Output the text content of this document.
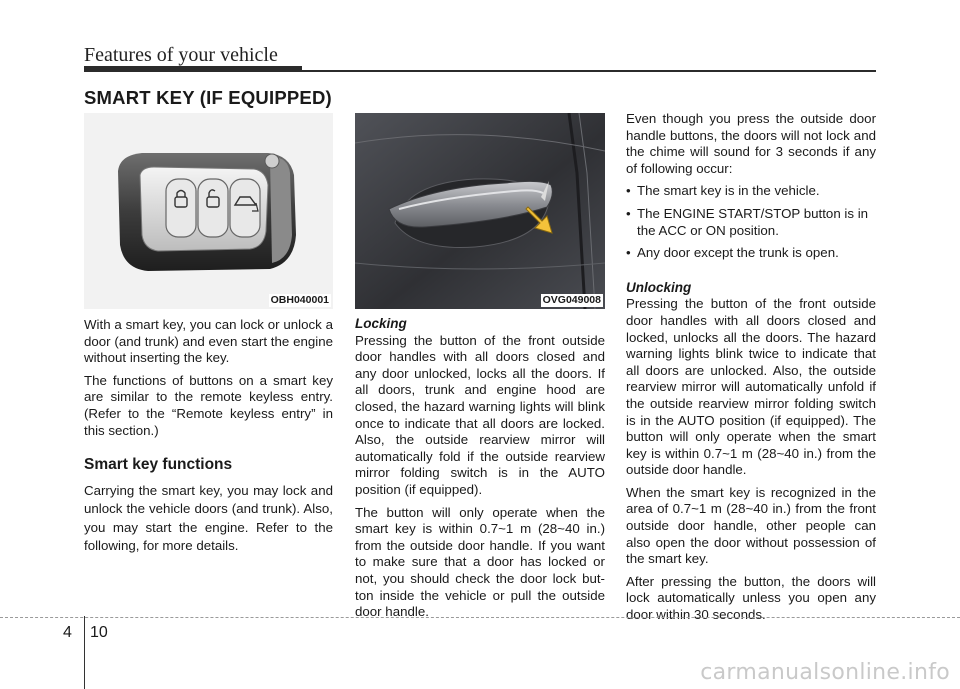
Features of your vehicle
SMART KEY (IF EQUIPPED)
OBH040001	OVG049008

With a smart key, you can lock or unlock a door (and trunk) and even start the engine without inserting the key.

The functions of buttons on a smart key are similar to the remote keyless entry. (Refer to the “Remote keyless entry” in this section.)

Smart key functions

Carrying the smart key, you may lock and unlock the vehicle doors (and trunk). Also, you may start the engine. Refer to the following, for more details.

Locking

Pressing the button of the front outside door handles with all doors closed and any door unlocked, locks all the doors. If all doors, trunk and engine hood are closed, the hazard warning lights will blink once to indicate that all doors are locked. Also, the outside rearview mirror will automatically fold if the outside rearview mirror folding switch is in the AUTO position (if equipped).

The button will only operate when the smart key is within 0.7~1 m (28~40 in.) from the outside door handle. If you want to make sure that a door has locked or not, you should check the door lock but-ton inside the vehicle or pull the outside door handle.

Even though you press the outside door handle buttons, the doors will not lock and the chime will sound for 3 seconds if any of following occur:

• The smart key is in the vehicle.
• The ENGINE START/STOP button is in the ACC or ON position.
• Any door except the trunk is open.
Unlocking

Pressing the button of the front outside door handles with all doors closed and locked, unlocks all the doors. The hazard warning lights blink twice to indicate that all doors are unlocked. Also, the outside rearview mirror will automatically unfold if the outside rearview mirror folding switch is in the AUTO position (if equipped). The button will only operate when the smart key is within 0.7~1 m (28~40 in.) from the outside door handle.

When the smart key is recognized in the area of 0.7~1 m (28~40 in.) from the front outside door handle, other people can also open the door without possession of the smart key.

After pressing the button, the doors will lock automatically unless you open any door within 30 seconds.

4 10
carmanualsonline.info
